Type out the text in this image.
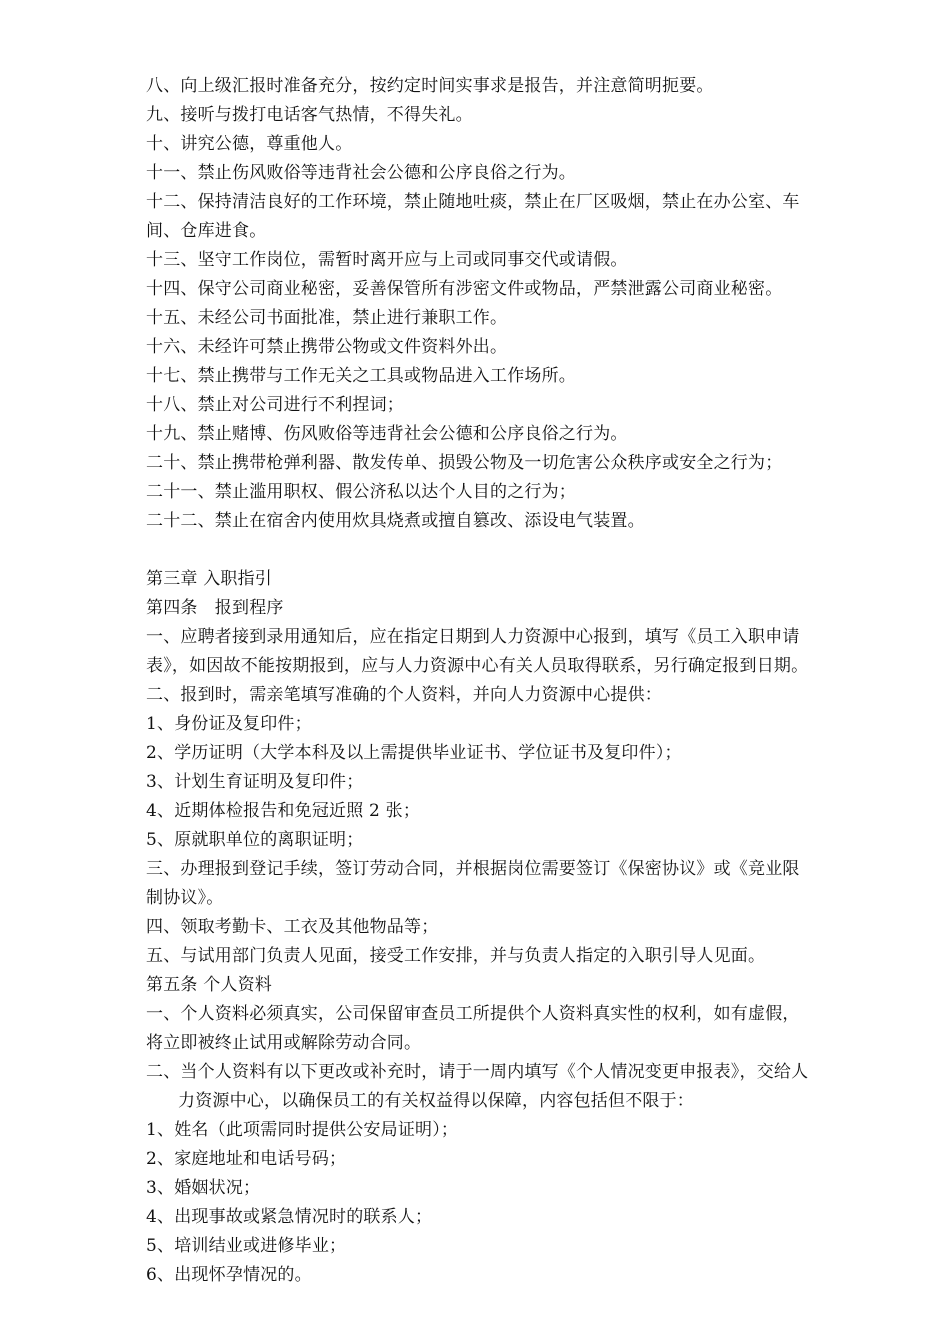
八、向上级汇报时准备充分，按约定时间实事求是报告，并注意简明扼要。
九、接听与拨打电话客气热情，不得失礼。
十、讲究公德，尊重他人。
十一、禁止伤风败俗等违背社会公德和公序良俗之行为。
十二、保持清洁良好的工作环境，禁止随地吐痰，禁止在厂区吸烟，禁止在办公室、车
间、仓库进食。
十三、坚守工作岗位，需暂时离开应与上司或同事交代或请假。
十四、保守公司商业秘密，妥善保管所有涉密文件或物品，严禁泄露公司商业秘密。
十五、未经公司书面批准，禁止进行兼职工作。
十六、未经许可禁止携带公物或文件资料外出。
十七、禁止携带与工作无关之工具或物品进入工作场所。
十八、禁止对公司进行不利捏词；
十九、禁止赌博、伤风败俗等违背社会公德和公序良俗之行为。
二十、禁止携带枪弹利器、散发传单、损毁公物及一切危害公众秩序或安全之行为；
二十一、禁止滥用职权、假公济私以达个人目的之行为；
二十二、禁止在宿舍内使用炊具烧煮或擅自篡改、添设电气装置。
第三章 入职指引
第四条　报到程序
一、应聘者接到录用通知后，应在指定日期到人力资源中心报到，填写《员工入职申请
表》，如因故不能按期报到，应与人力资源中心有关人员取得联系，另行确定报到日期。
二、报到时，需亲笔填写准确的个人资料，并向人力资源中心提供：
1、身份证及复印件；
2、学历证明（大学本科及以上需提供毕业证书、学位证书及复印件）；
3、计划生育证明及复印件；
4、近期体检报告和免冠近照 2 张；
5、原就职单位的离职证明；
三、办理报到登记手续，签订劳动合同，并根据岗位需要签订《保密协议》或《竞业限
制协议》。
四、领取考勤卡、工衣及其他物品等；
五、与试用部门负责人见面，接受工作安排，并与负责人指定的入职引导人见面。
第五条 个人资料
一、个人资料必须真实，公司保留审查员工所提供个人资料真实性的权利，如有虚假，
将立即被终止试用或解除劳动合同。
二、当个人资料有以下更改或补充时，请于一周内填写《个人情况变更申报表》，交给人
力资源中心，以确保员工的有关权益得以保障，内容包括但不限于：
1、姓名（此项需同时提供公安局证明）；
2、家庭地址和电话号码；
3、婚姻状况；
4、出现事故或紧急情况时的联系人；
5、培训结业或进修毕业；
6、出现怀孕情况的。
